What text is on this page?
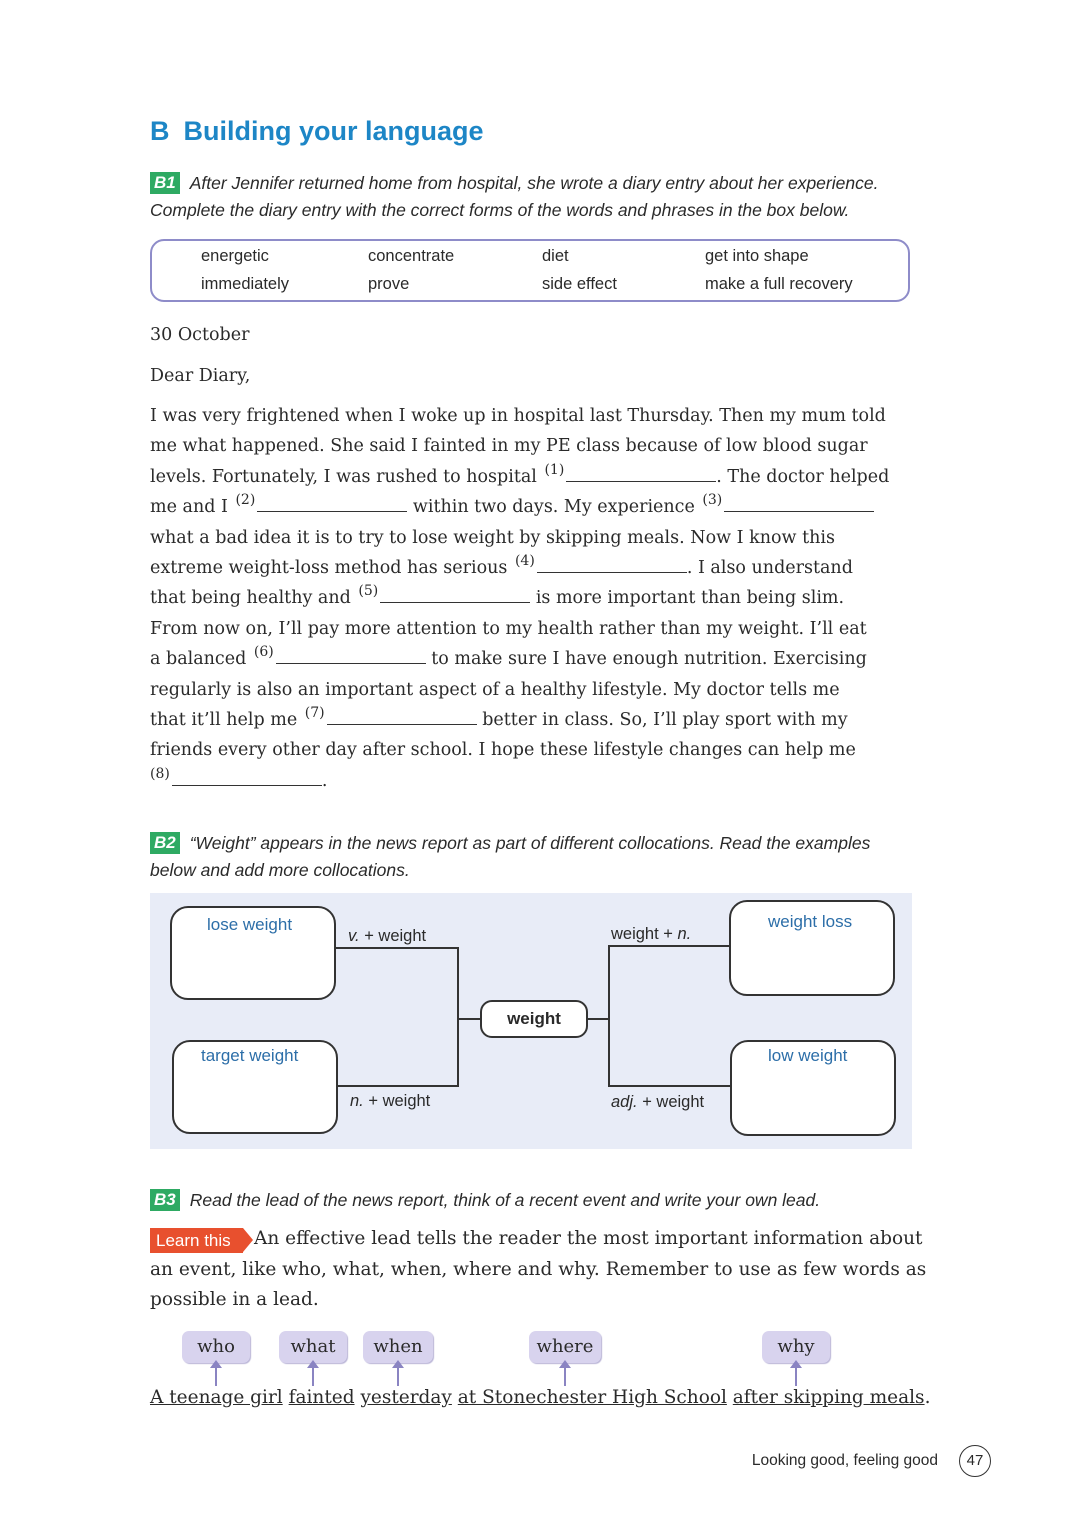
B Building your language
B1 After Jennifer returned home from hospital, she wrote a diary entry about her experience.
Complete the diary entry with the correct forms of the words and phrases in the box below.
energetic	concentrate	diet	get into shape
immediately	prove	side effect	make a full recovery
30 October
Dear Diary,
I was very frightened when I woke up in hospital last Thursday. Then my mum told
me what happened. She said I fainted in my PE class because of low blood sugar
levels. Fortunately, I was rushed to hospital $^{(1)}$	. The doctor helped
me and I $^{(2)}$	within two days. My experience $^{(3)}$
what a bad idea it is to try to lose weight by skipping meals. Now I know this
extreme weight-loss method has serious $^{(4)}$	. I also understand
that being healthy and $^{(5)}$	is more important than being slim.
From now on, I’ll pay more attention to my health rather than my weight. I’ll eat
a balanced $^{(6)}$	to make sure I have enough nutrition. Exercising
regularly is also an important aspect of a healthy lifestyle. My doctor tells me
that it’ll help me $^{(7)}$	better in class. So, I’ll play sport with my
friends every other day after school. I hope these lifestyle changes can help me
$^{(8)}$	.
B2 “Weight” appears in the news report as part of different collocations. Read the examples
below and add more collocations.
lose weight
target weight
weight loss
low weight
weight
v. + weight
n. + weight
weight + n.
adj. + weight
B3 Read the lead of the news report, think of a recent event and write your own lead.
Learn this	An effective lead tells the reader the most important information about
an event, like who, what, when, where and why. Remember to use as few words as
possible in a lead.
who	what	when	where	why
A teenage girl fainted yesterday at Stonechester High School after skipping meals.
Looking good, feeling good	47
